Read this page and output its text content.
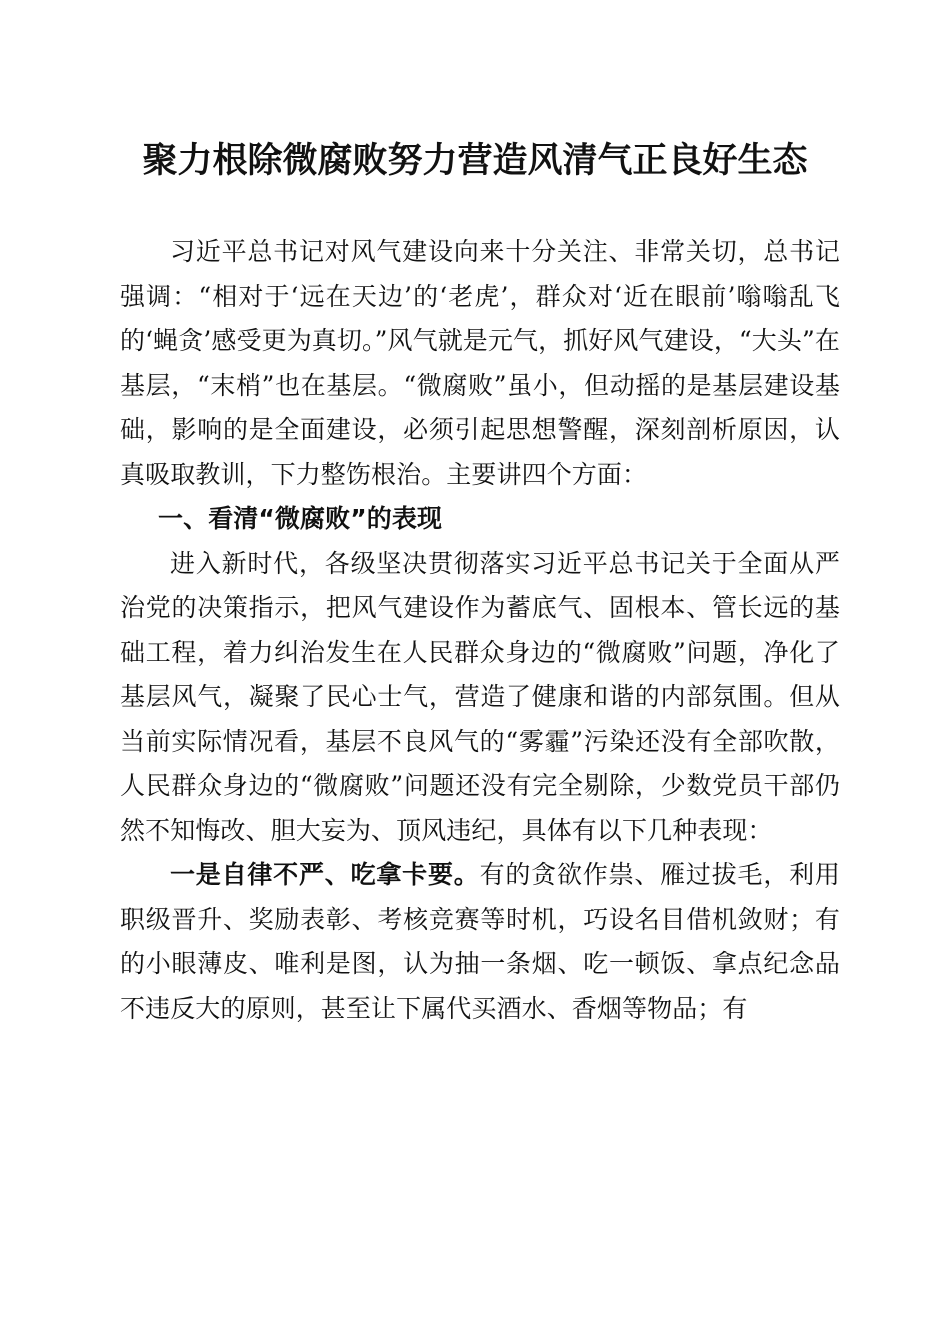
聚力根除微腐败努力营造风清气正良好生态

习近平总书记对风气建设向来十分关注、非常关切，总书记强调：“相对于‘远在天边’的‘老虎’，群众对‘近在眼前’嗡嗡乱飞的‘蝇贪’感受更为真切。”风气就是元气，抓好风气建设，“大头”在基层，“末梢”也在基层。“微腐败”虽小，但动摇的是基层建设基础，影响的是全面建设，必须引起思想警醒，深刻剖析原因，认真吸取教训，下力整饬根治。主要讲四个方面：

一、看清“微腐败”的表现

进入新时代，各级坚决贯彻落实习近平总书记关于全面从严治党的决策指示，把风气建设作为蓄底气、固根本、管长远的基础工程，着力纠治发生在人民群众身边的“微腐败”问题，净化了基层风气，凝聚了民心士气，营造了健康和谐的内部氛围。但从当前实际情况看，基层不良风气的“雾霾”污染还没有全部吹散，人民群众身边的“微腐败”问题还没有完全剔除，少数党员干部仍然不知悔改、胆大妄为、顶风违纪，具体有以下几种表现：

一是自律不严、吃拿卡要。有的贪欲作祟、雁过拔毛，利用职级晋升、奖励表彰、考核竞赛等时机，巧设名目借机敛财；有的小眼薄皮、唯利是图，认为抽一条烟、吃一顿饭、拿点纪念品不违反大的原则，甚至让下属代买酒水、香烟等物品；有
